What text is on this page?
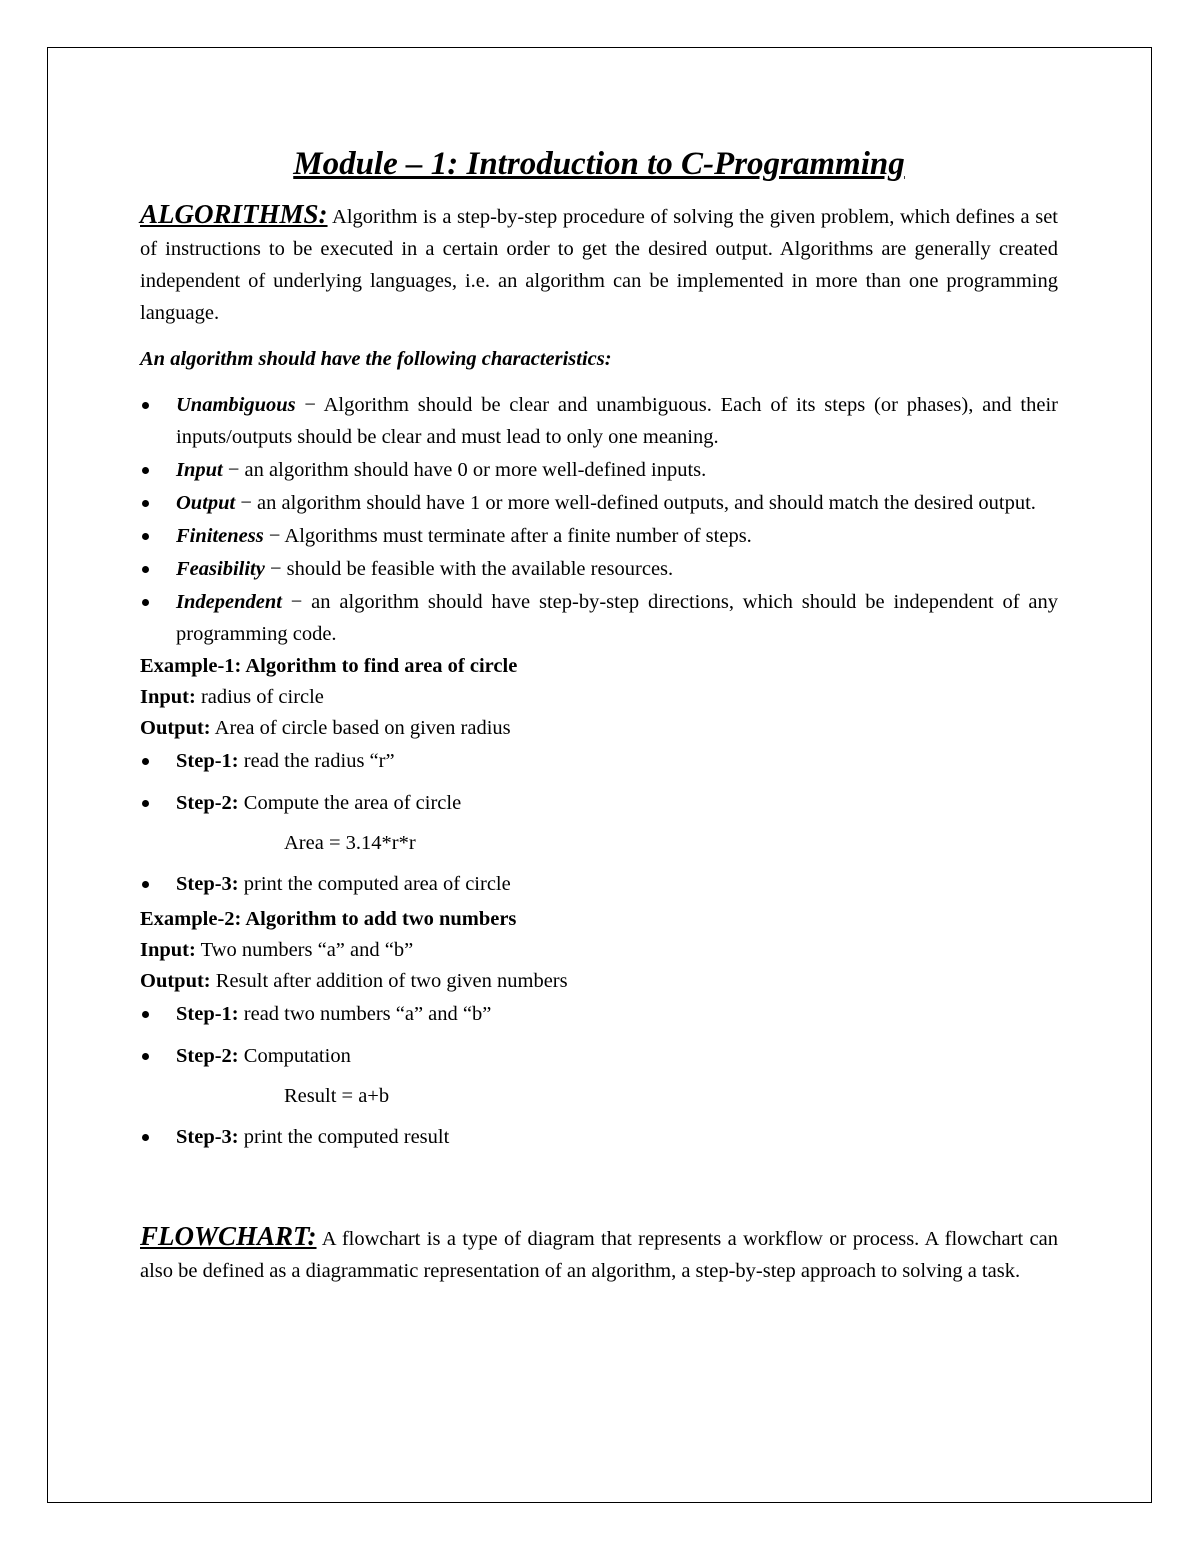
Module – 1: Introduction to C-Programming

ALGORITHMS: Algorithm is a step-by-step procedure of solving the given problem, which defines a set of instructions to be executed in a certain order to get the desired output. Algorithms are generally created independent of underlying languages, i.e. an algorithm can be implemented in more than one programming language.

An algorithm should have the following characteristics:

Unambiguous − Algorithm should be clear and unambiguous. Each of its steps (or phases), and their inputs/outputs should be clear and must lead to only one meaning.
Input − an algorithm should have 0 or more well-defined inputs.
Output − an algorithm should have 1 or more well-defined outputs, and should match the desired output.
Finiteness − Algorithms must terminate after a finite number of steps.
Feasibility − should be feasible with the available resources.
Independent − an algorithm should have step-by-step directions, which should be independent of any programming code.
Example-1: Algorithm to find area of circle

Input: radius of circle

Output: Area of circle based on given radius

Step-1: read the radius “r”
Step-2: Compute the area of circle
Area = 3.14*r*r
Step-3: print the computed area of circle
Example-2: Algorithm to add two numbers

Input: Two numbers “a” and “b”

Output: Result after addition of two given numbers

Step-1: read two numbers “a” and “b”
Step-2: Computation
Result = a+b
Step-3: print the computed result

FLOWCHART: A flowchart is a type of diagram that represents a workflow or process. A flowchart can also be defined as a diagrammatic representation of an algorithm, a step-by-step approach to solving a task.
